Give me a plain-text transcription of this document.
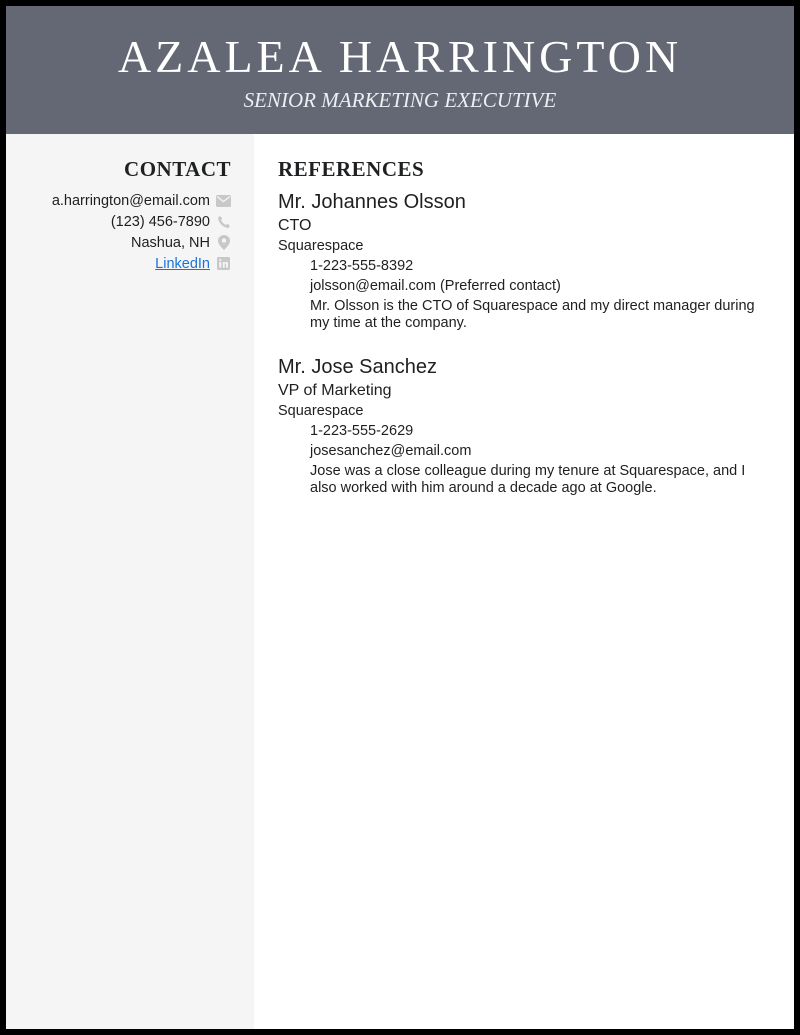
AZALEA HARRINGTON
SENIOR MARKETING EXECUTIVE
CONTACT
a.harrington@email.com
(123) 456-7890
Nashua, NH
LinkedIn
REFERENCES
Mr. Johannes Olsson
CTO
Squarespace
1-223-555-8392
jolsson@email.com (Preferred contact)
Mr. Olsson is the CTO of Squarespace and my direct manager during my time at the company.
Mr. Jose Sanchez
VP of Marketing
Squarespace
1-223-555-2629
josesanchez@email.com
Jose was a close colleague during my tenure at Squarespace, and I also worked with him around a decade ago at Google.
